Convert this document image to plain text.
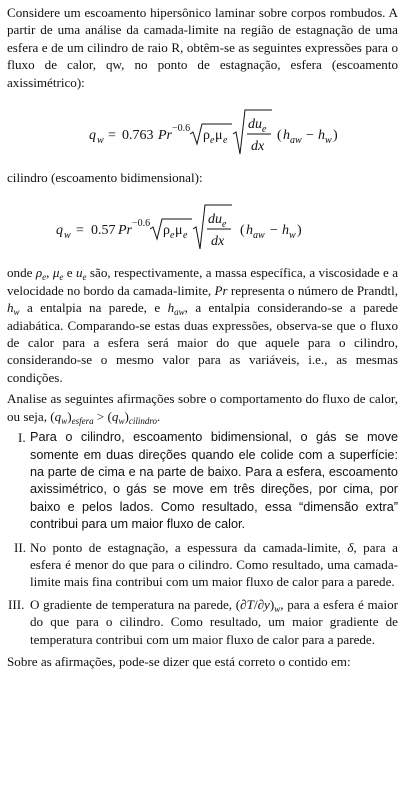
Considere um escoamento hipersônico laminar sobre corpos rombudos. A partir de uma análise da camada-limite na região de estagnação de uma esfera e de um cilindro de raio R, obtêm-se as seguintes expressões para o fluxo de calor, qw, no ponto de estagnação, esfera (escoamento axissimétrico):

q w = 0.763 Pr −0.6 ρ e μ e
du e
dx
( h aw − h w )

cilindro (escoamento bidimensional):

q w = 0.57 Pr −0.6 ρ e μ e
du e
dx
( h aw − h w )

onde $\rho_e$, $\mu_e$ e $u_e$ são, respectivamente, a massa específica, a viscosidade e a velocidade no bordo da camada-limite, Pr representa o número de Prandtl, $h_w$ a entalpia na parede, e $h_{aw}$, a entalpia considerando-se a parede adiabática. Comparando-se estas duas expressões, observa-se que o fluxo de calor para a esfera será maior do que aquele para o cilindro, considerando-se o mesmo valor para as variáveis, i.e., as mesmas condições.

Analise as seguintes afirmações sobre o comportamento do fluxo de calor, ou seja, $(q_w)_{esfera} > (q_w)_{cilindro}$.

I. Para o cilindro, escoamento bidimensional, o gás se move somente em duas direções quando ele colide com a superfície: na parte de cima e na parte de baixo. Para a esfera, escoamento axissimétrico, o gás se move em três direções, por cima, por baixo e pelos lados. Como resultado, essa “dimensão extra” contribui para um maior fluxo de calor.
II. No ponto de estagnação, a espessura da camada-limite, δ, para a esfera é menor do que para o cilindro. Como resultado, uma camada-limite mais fina contribui com um maior fluxo de calor para a parede.
III. O gradiente de temperatura na parede, $(\partial T/\partial y)_w$, para a esfera é maior do que para o cilindro. Como resultado, um maior gradiente de temperatura contribui com um maior fluxo de calor para a parede.

Sobre as afirmações, pode-se dizer que está correto o contido em:
